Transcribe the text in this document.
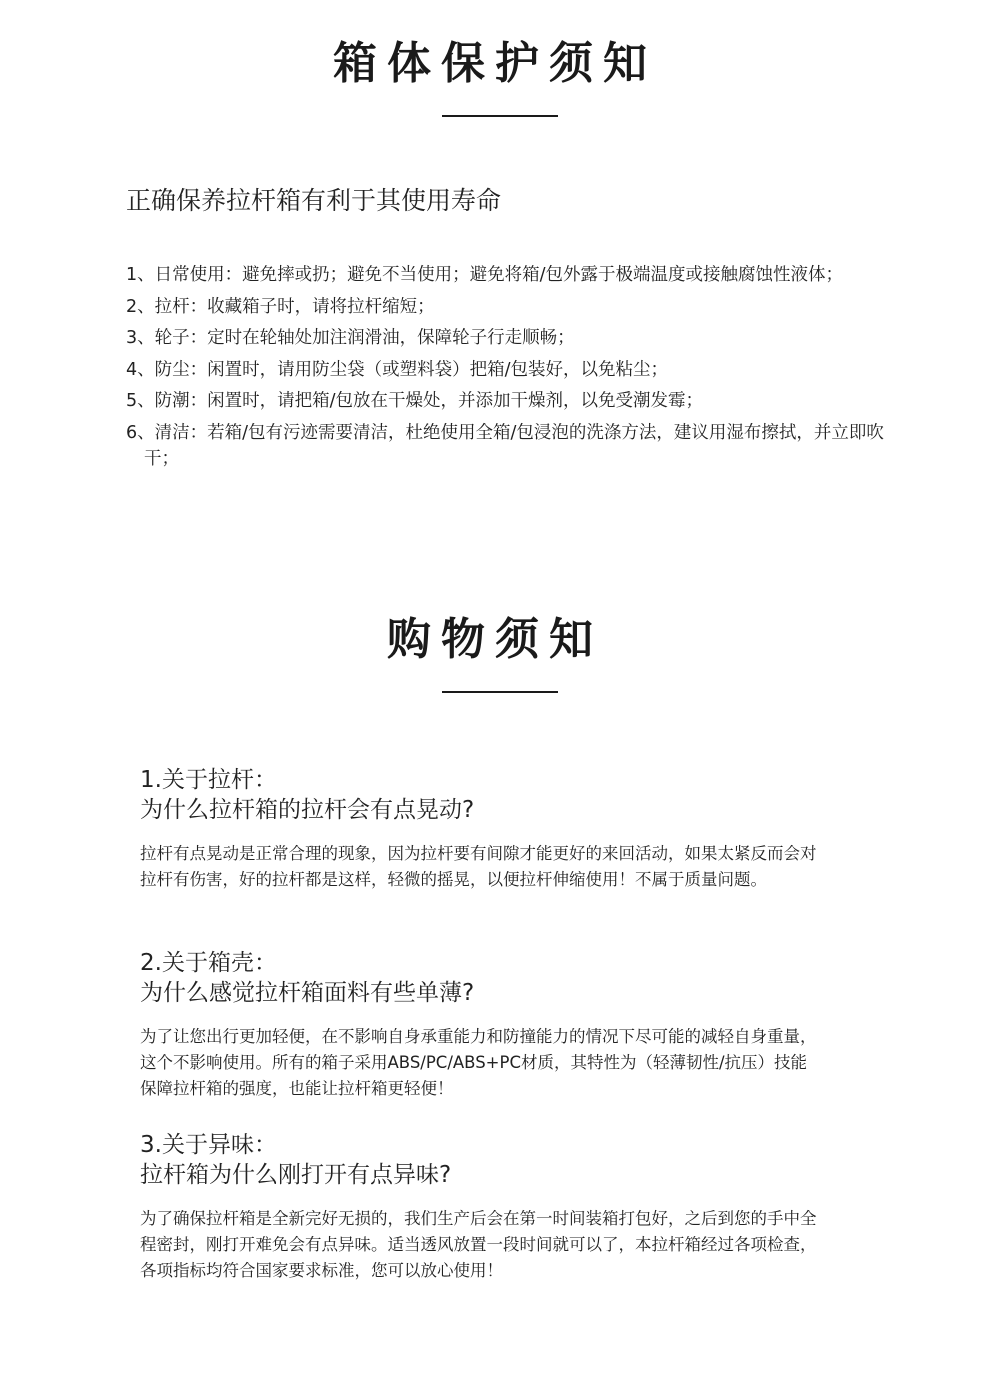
箱体保护须知

正确保养拉杆箱有利于其使用寿命

1、日常使用：避免摔或扔；避免不当使用；避免将箱/包外露于极端温度或接触腐蚀性液体；
2、拉杆：收藏箱子时，请将拉杆缩短；
3、轮子：定时在轮轴处加注润滑油，保障轮子行走顺畅；
4、防尘：闲置时，请用防尘袋（或塑料袋）把箱/包装好，以免粘尘；
5、防潮：闲置时，请把箱/包放在干燥处，并添加干燥剂，以免受潮发霉；
6、清洁：若箱/包有污迹需要清洁，杜绝使用全箱/包浸泡的洗涤方法，建议用湿布擦拭，并立即吹干；
购物须知

1.关于拉杆：

为什么拉杆箱的拉杆会有点晃动?

拉杆有点晃动是正常合理的现象，因为拉杆要有间隙才能更好的来回活动，如果太紧反而会对拉杆有伤害，好的拉杆都是这样，轻微的摇晃，以便拉杆伸缩使用！不属于质量问题。

2.关于箱壳：

为什么感觉拉杆箱面料有些单薄?

为了让您出行更加轻便，在不影响自身承重能力和防撞能力的情况下尽可能的减轻自身重量，这个不影响使用。所有的箱子采用ABS/PC/ABS+PC材质，其特性为（轻薄韧性/抗压）技能保障拉杆箱的强度，也能让拉杆箱更轻便！

3.关于异味：

拉杆箱为什么刚打开有点异味?

为了确保拉杆箱是全新完好无损的，我们生产后会在第一时间装箱打包好，之后到您的手中全程密封，刚打开难免会有点异味。适当透风放置一段时间就可以了，本拉杆箱经过各项检查，各项指标均符合国家要求标准，您可以放心使用！
